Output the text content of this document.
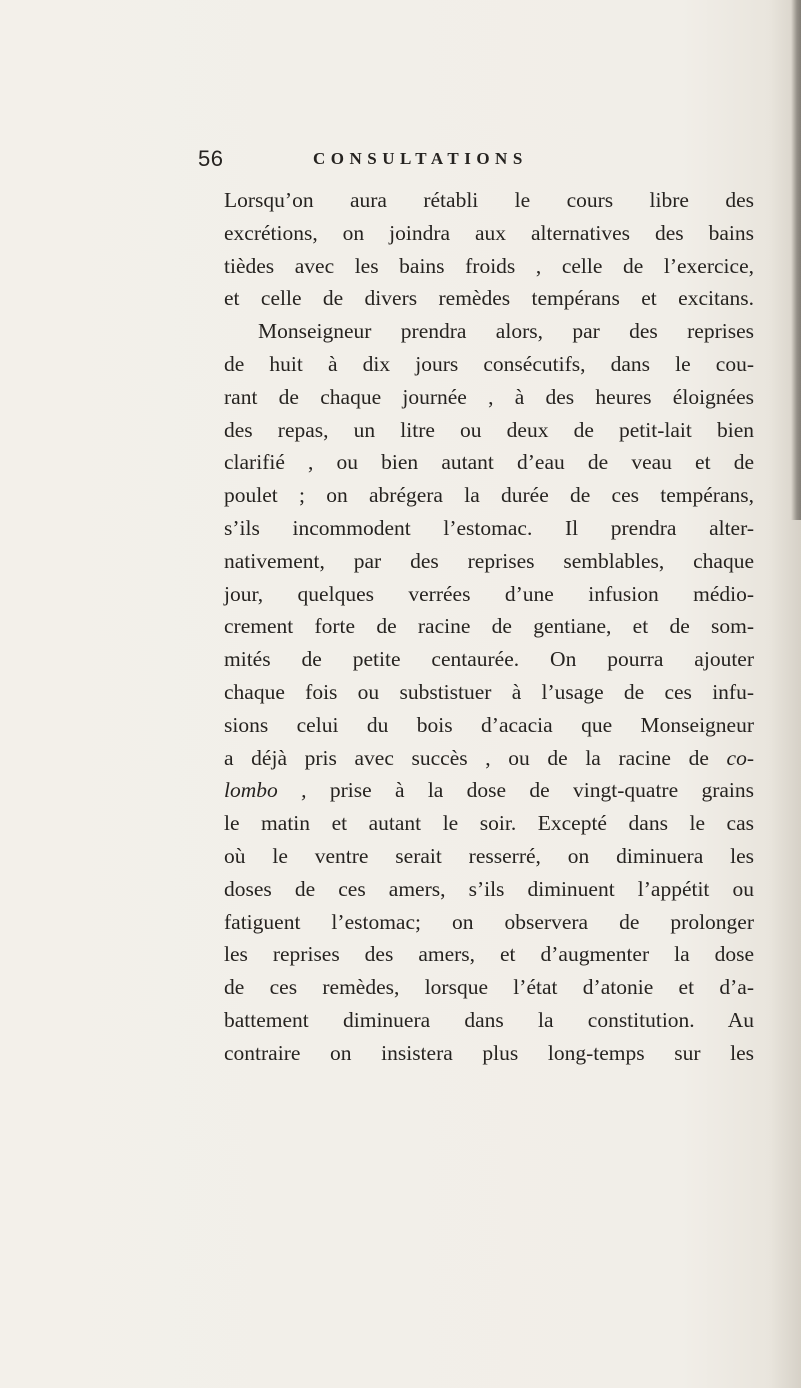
56	CONSULTATIONS
Lorsqu’on aura rétabli le cours libre des
excrétions, on joindra aux alternatives des bains
tièdes avec les bains froids , celle de l’exercice,
et celle de divers remèdes tempérans et excitans.
Monseigneur prendra alors, par des reprises
de huit à dix jours consécutifs, dans le cou-
rant de chaque journée , à des heures éloignées
des repas, un litre ou deux de petit-lait bien
clarifié , ou bien autant d’eau de veau et de
poulet ; on abrégera la durée de ces tempérans,
s’ils incommodent l’estomac. Il prendra alter-
nativement, par des reprises semblables, chaque
jour, quelques verrées d’une infusion médio-
crement forte de racine de gentiane, et de som-
mités de petite centaurée. On pourra ajouter
chaque fois ou substistuer à l’usage de ces infu-
sions celui du bois d’acacia que Monseigneur
a déjà pris avec succès , ou de la racine de co-
lombo , prise à la dose de vingt-quatre grains
le matin et autant le soir. Excepté dans le cas
où le ventre serait resserré, on diminuera les
doses de ces amers, s’ils diminuent l’appétit ou
fatiguent l’estomac; on observera de prolonger
les reprises des amers, et d’augmenter la dose
de ces remèdes, lorsque l’état d’atonie et d’a-
battement diminuera dans la constitution. Au
contraire on insistera plus long-temps sur les
